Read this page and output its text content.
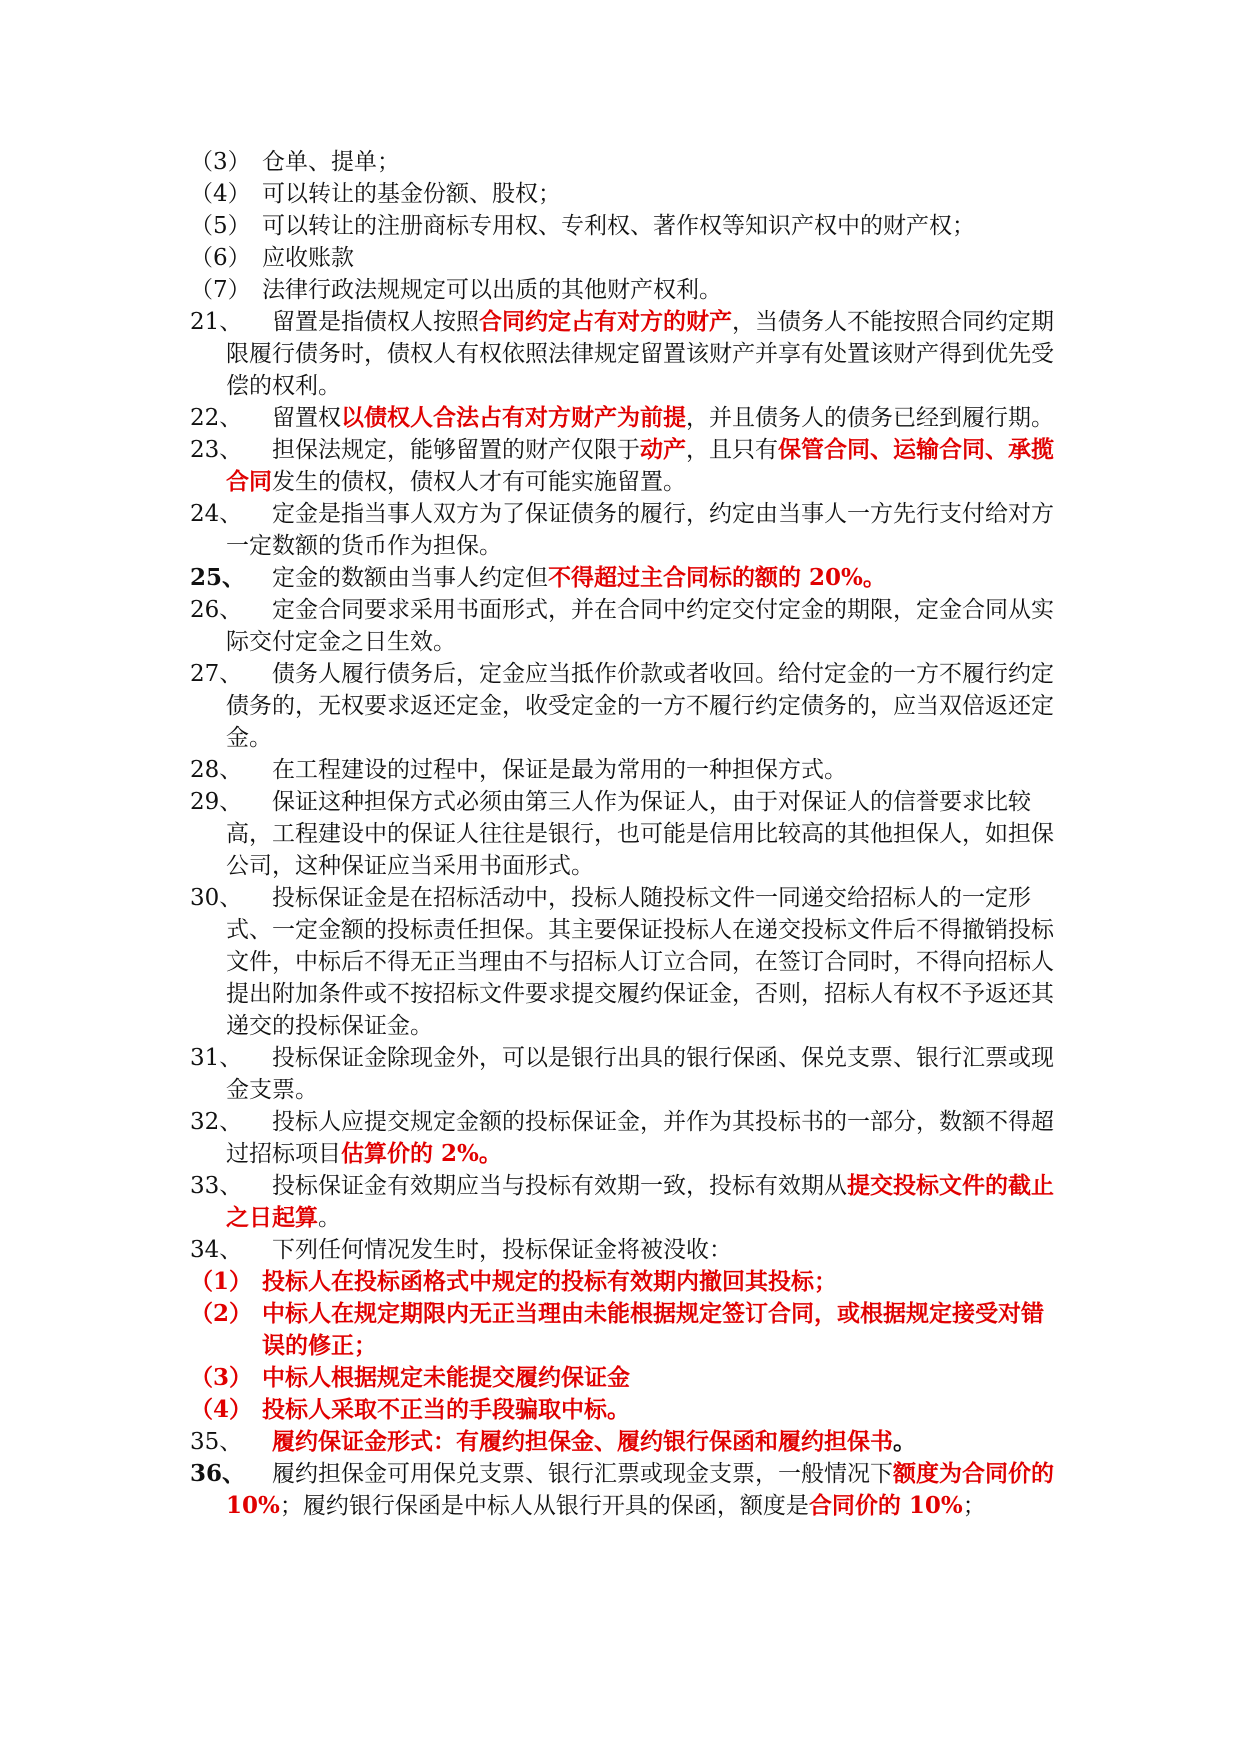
（3） 仓单、提单；
（4） 可以转让的基金份额、股权；
（5） 可以转让的注册商标专用权、专利权、著作权等知识产权中的财产权；
（6） 应收账款
（7） 法律行政法规规定可以出质的其他财产权利。
21、	留置是指债权人按照合同约定占有对方的财产，当债务人不能按照合同约定期限履行债务时，债权人有权依照法律规定留置该财产并享有处置该财产得到优先受偿的权利。
22、	留置权以债权人合法占有对方财产为前提，并且债务人的债务已经到履行期。
23、	担保法规定，能够留置的财产仅限于动产，且只有保管合同、运输合同、承揽合同发生的债权，债权人才有可能实施留置。
24、	定金是指当事人双方为了保证债务的履行，约定由当事人一方先行支付给对方一定数额的货币作为担保。
25、	定金的数额由当事人约定但不得超过主合同标的额的 20%。
26、	定金合同要求采用书面形式，并在合同中约定交付定金的期限，定金合同从实际交付定金之日生效。
27、	债务人履行债务后，定金应当抵作价款或者收回。给付定金的一方不履行约定债务的，无权要求返还定金，收受定金的一方不履行约定债务的，应当双倍返还定金。
28、	在工程建设的过程中，保证是最为常用的一种担保方式。
29、	保证这种担保方式必须由第三人作为保证人，由于对保证人的信誉要求比较高，工程建设中的保证人往往是银行，也可能是信用比较高的其他担保人，如担保公司，这种保证应当采用书面形式。
30、	投标保证金是在招标活动中，投标人随投标文件一同递交给招标人的一定形式、一定金额的投标责任担保。其主要保证投标人在递交投标文件后不得撤销投标文件，中标后不得无正当理由不与招标人订立合同，在签订合同时，不得向招标人提出附加条件或不按招标文件要求提交履约保证金，否则，招标人有权不予返还其递交的投标保证金。
31、	投标保证金除现金外，可以是银行出具的银行保函、保兑支票、银行汇票或现金支票。
32、	投标人应提交规定金额的投标保证金，并作为其投标书的一部分，数额不得超过招标项目估算价的 2%。
33、	投标保证金有效期应当与投标有效期一致，投标有效期从提交投标文件的截止之日起算。
34、	下列任何情况发生时，投标保证金将被没收：
（1） 投标人在投标函格式中规定的投标有效期内撤回其投标；
（2） 中标人在规定期限内无正当理由未能根据规定签订合同，或根据规定接受对错误的修正；
（3） 中标人根据规定未能提交履约保证金
（4） 投标人采取不正当的手段骗取中标。
35、	履约保证金形式：有履约担保金、履约银行保函和履约担保书。
36、	履约担保金可用保兑支票、银行汇票或现金支票，一般情况下额度为合同价的 10%；履约银行保函是中标人从银行开具的保函，额度是合同价的 10%；
